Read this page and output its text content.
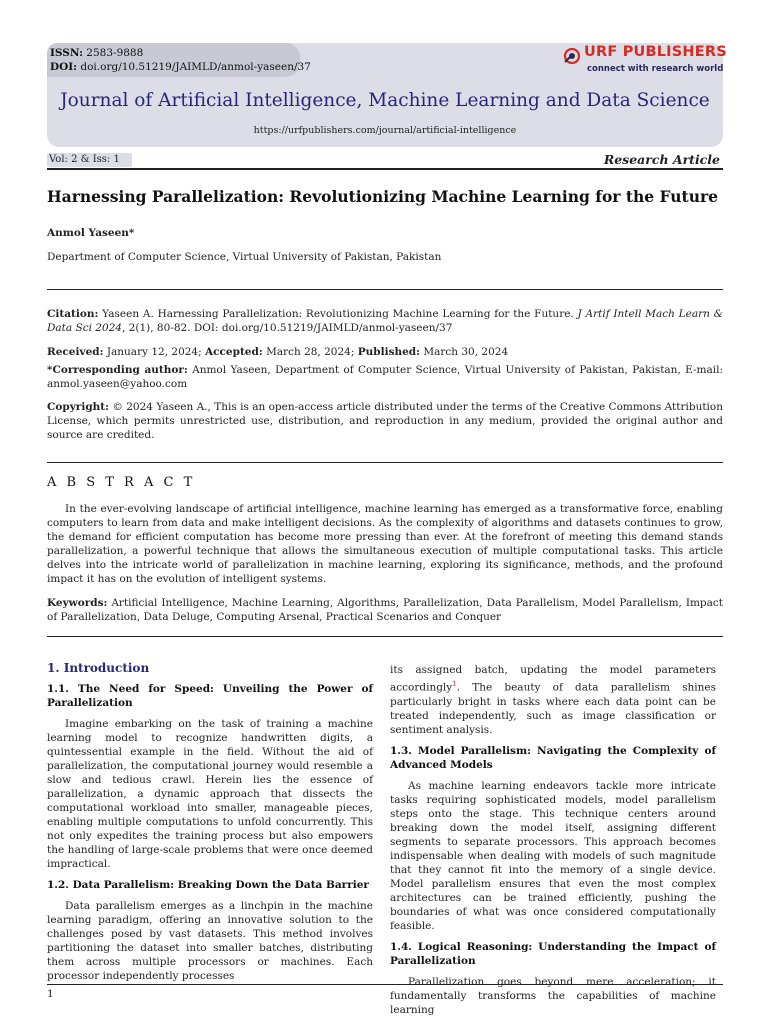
ISSN: 2583-9888
DOI: doi.org/10.51219/JAIMLD/anmol-yaseen/37
URF PUBLISHERS
connect with research world
Journal of Artificial Intelligence, Machine Learning and Data Science
https://urfpublishers.com/journal/artificial-intelligence
Vol: 2 & Iss: 1	Research Article
Harnessing Parallelization: Revolutionizing Machine Learning for the Future
Anmol Yaseen*
Department of Computer Science, Virtual University of Pakistan, Pakistan
Citation: Yaseen A. Harnessing Parallelization: Revolutionizing Machine Learning for the Future. J Artif Intell Mach Learn & Data Sci 2024, 2(1), 80-82. DOI: doi.org/10.51219/JAIMLD/anmol-yaseen/37
Received: January 12, 2024; Accepted: March 28, 2024; Published: March 30, 2024
*Corresponding author: Anmol Yaseen, Department of Computer Science, Virtual University of Pakistan, Pakistan, E-mail: anmol.yaseen@yahoo.com
Copyright: © 2024 Yaseen A., This is an open-access article distributed under the terms of the Creative Commons Attribution License, which permits unrestricted use, distribution, and reproduction in any medium, provided the original author and source are credited.
A B S T R A C T
In the ever-evolving landscape of artificial intelligence, machine learning has emerged as a transformative force, enabling computers to learn from data and make intelligent decisions. As the complexity of algorithms and datasets continues to grow, the demand for efficient computation has become more pressing than ever. At the forefront of meeting this demand stands parallelization, a powerful technique that allows the simultaneous execution of multiple computational tasks. This article delves into the intricate world of parallelization in machine learning, exploring its significance, methods, and the profound impact it has on the evolution of intelligent systems.
Keywords: Artificial Intelligence, Machine Learning, Algorithms, Parallelization, Data Parallelism, Model Parallelism, Impact of Parallelization, Data Deluge, Computing Arsenal, Practical Scenarios and Conquer
1. Introduction
1.1. The Need for Speed: Unveiling the Power of Parallelization
Imagine embarking on the task of training a machine learning model to recognize handwritten digits, a quintessential example in the field. Without the aid of parallelization, the computational journey would resemble a slow and tedious crawl. Herein lies the essence of parallelization, a dynamic approach that dissects the computational workload into smaller, manageable pieces, enabling multiple computations to unfold concurrently. This not only expedites the training process but also empowers the handling of large-scale problems that were once deemed impractical.
1.2. Data Parallelism: Breaking Down the Data Barrier
Data parallelism emerges as a linchpin in the machine learning paradigm, offering an innovative solution to the challenges posed by vast datasets. This method involves partitioning the dataset into smaller batches, distributing them across multiple processors or machines. Each processor independently processes
its assigned batch, updating the model parameters accordingly$^1$. The beauty of data parallelism shines particularly bright in tasks where each data point can be treated independently, such as image classification or sentiment analysis.
1.3. Model Parallelism: Navigating the Complexity of Advanced Models
As machine learning endeavors tackle more intricate tasks requiring sophisticated models, model parallelism steps onto the stage. This technique centers around breaking down the model itself, assigning different segments to separate processors. This approach becomes indispensable when dealing with models of such magnitude that they cannot fit into the memory of a single device. Model parallelism ensures that even the most complex architectures can be trained efficiently, pushing the boundaries of what was once considered computationally feasible.
1.4. Logical Reasoning: Understanding the Impact of Parallelization
Parallelization goes beyond mere acceleration; it fundamentally transforms the capabilities of machine learning
1
